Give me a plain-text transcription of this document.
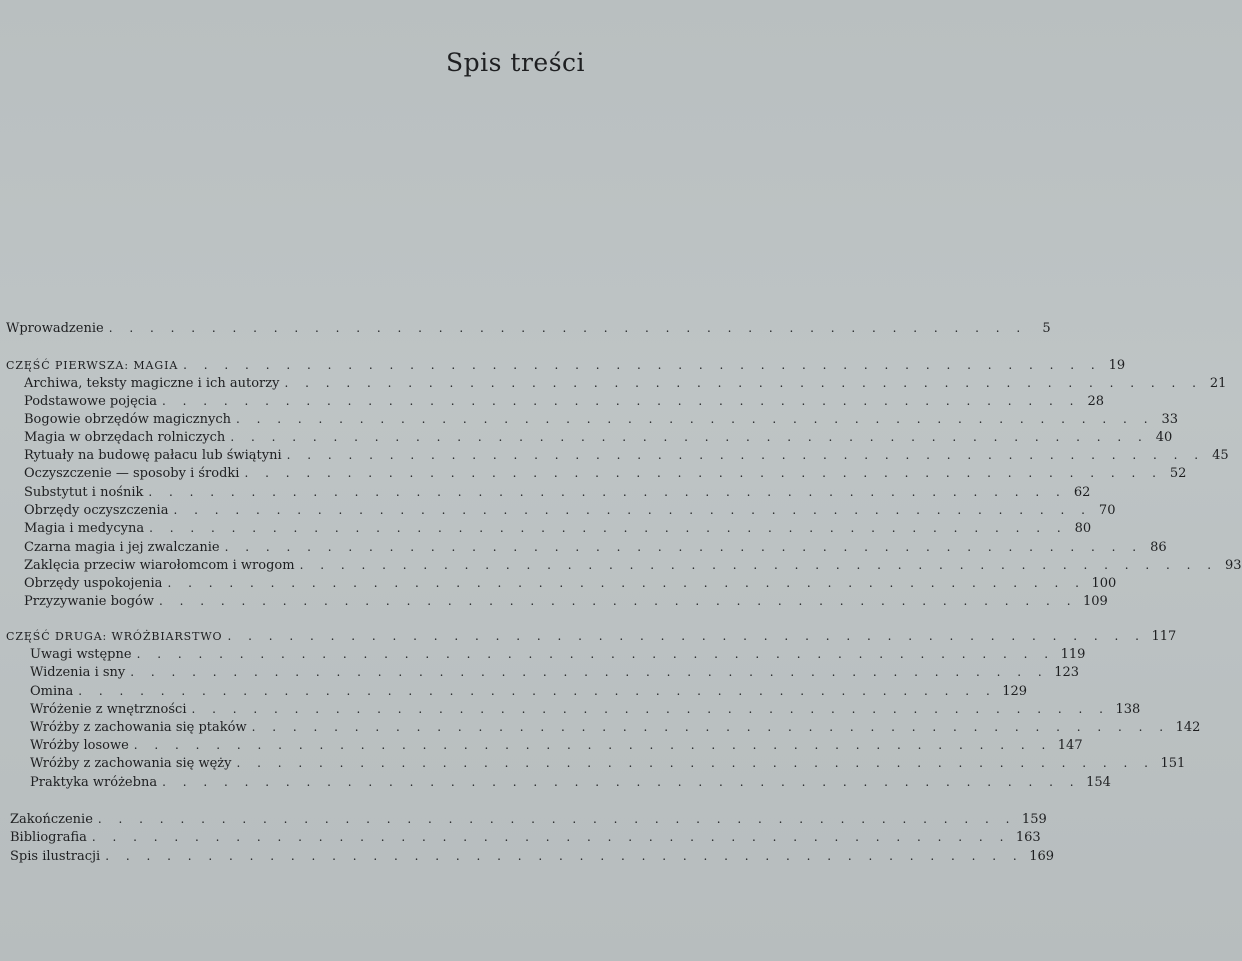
Spis treści
Wprowadzenie . . . . . . . . . . . . . . . . . . . . . . . . . . . . . . . . . . . . . . . . . . . . .	5
CZĘŚĆ PIERWSZA: MAGIA . . . . . . . . . . . . . . . . . . . . . . . . . . . . . . . . . . . . . . . . . . . . . 19
Archiwa, teksty magiczne i ich autorzy . . . . . . . . . . . . . . . . . . . . . . . . . . . . . . . . . . . . . . . . . . . . . 21
Podstawowe pojęcia . . . . . . . . . . . . . . . . . . . . . . . . . . . . . . . . . . . . . . . . . . . . . 28
Bogowie obrzędów magicznych . . . . . . . . . . . . . . . . . . . . . . . . . . . . . . . . . . . . . . . . . . . . . 33
Magia w obrzędach rolniczych . . . . . . . . . . . . . . . . . . . . . . . . . . . . . . . . . . . . . . . . . . . . . 40
Rytuały na budowę pałacu lub świątyni . . . . . . . . . . . . . . . . . . . . . . . . . . . . . . . . . . . . . . . . . . . . . 45
Oczyszczenie — sposoby i środki . . . . . . . . . . . . . . . . . . . . . . . . . . . . . . . . . . . . . . . . . . . . . 52
Substytut i nośnik . . . . . . . . . . . . . . . . . . . . . . . . . . . . . . . . . . . . . . . . . . . . . 62
Obrzędy oczyszczenia . . . . . . . . . . . . . . . . . . . . . . . . . . . . . . . . . . . . . . . . . . . . . 70
Magia i medycyna . . . . . . . . . . . . . . . . . . . . . . . . . . . . . . . . . . . . . . . . . . . . . 80
Czarna magia i jej zwalczanie . . . . . . . . . . . . . . . . . . . . . . . . . . . . . . . . . . . . . . . . . . . . . 86
Zaklęcia przeciw wiarołomcom i wrogom . . . . . . . . . . . . . . . . . . . . . . . . . . . . . . . . . . . . . . . . . . . . . 93
Obrzędy uspokojenia . . . . . . . . . . . . . . . . . . . . . . . . . . . . . . . . . . . . . . . . . . . . . 100
Przyzywanie bogów . . . . . . . . . . . . . . . . . . . . . . . . . . . . . . . . . . . . . . . . . . . . . 109
CZĘŚĆ DRUGA: WRÓŻBIARSTWO . . . . . . . . . . . . . . . . . . . . . . . . . . . . . . . . . . . . . . . . . . . . . 117
Uwagi wstępne . . . . . . . . . . . . . . . . . . . . . . . . . . . . . . . . . . . . . . . . . . . . . 119
Widzenia i sny . . . . . . . . . . . . . . . . . . . . . . . . . . . . . . . . . . . . . . . . . . . . . 123
Omina . . . . . . . . . . . . . . . . . . . . . . . . . . . . . . . . . . . . . . . . . . . . . 129
Wróżenie z wnętrzności . . . . . . . . . . . . . . . . . . . . . . . . . . . . . . . . . . . . . . . . . . . . . 138
Wróżby z zachowania się ptaków . . . . . . . . . . . . . . . . . . . . . . . . . . . . . . . . . . . . . . . . . . . . . 142
Wróżby losowe . . . . . . . . . . . . . . . . . . . . . . . . . . . . . . . . . . . . . . . . . . . . . 147
Wróżby z zachowania się węży . . . . . . . . . . . . . . . . . . . . . . . . . . . . . . . . . . . . . . . . . . . . . 151
Praktyka wróżebna . . . . . . . . . . . . . . . . . . . . . . . . . . . . . . . . . . . . . . . . . . . . . 154
Zakończenie . . . . . . . . . . . . . . . . . . . . . . . . . . . . . . . . . . . . . . . . . . . . . 159
Bibliografia . . . . . . . . . . . . . . . . . . . . . . . . . . . . . . . . . . . . . . . . . . . . . 163
Spis ilustracji . . . . . . . . . . . . . . . . . . . . . . . . . . . . . . . . . . . . . . . . . . . . . 169
